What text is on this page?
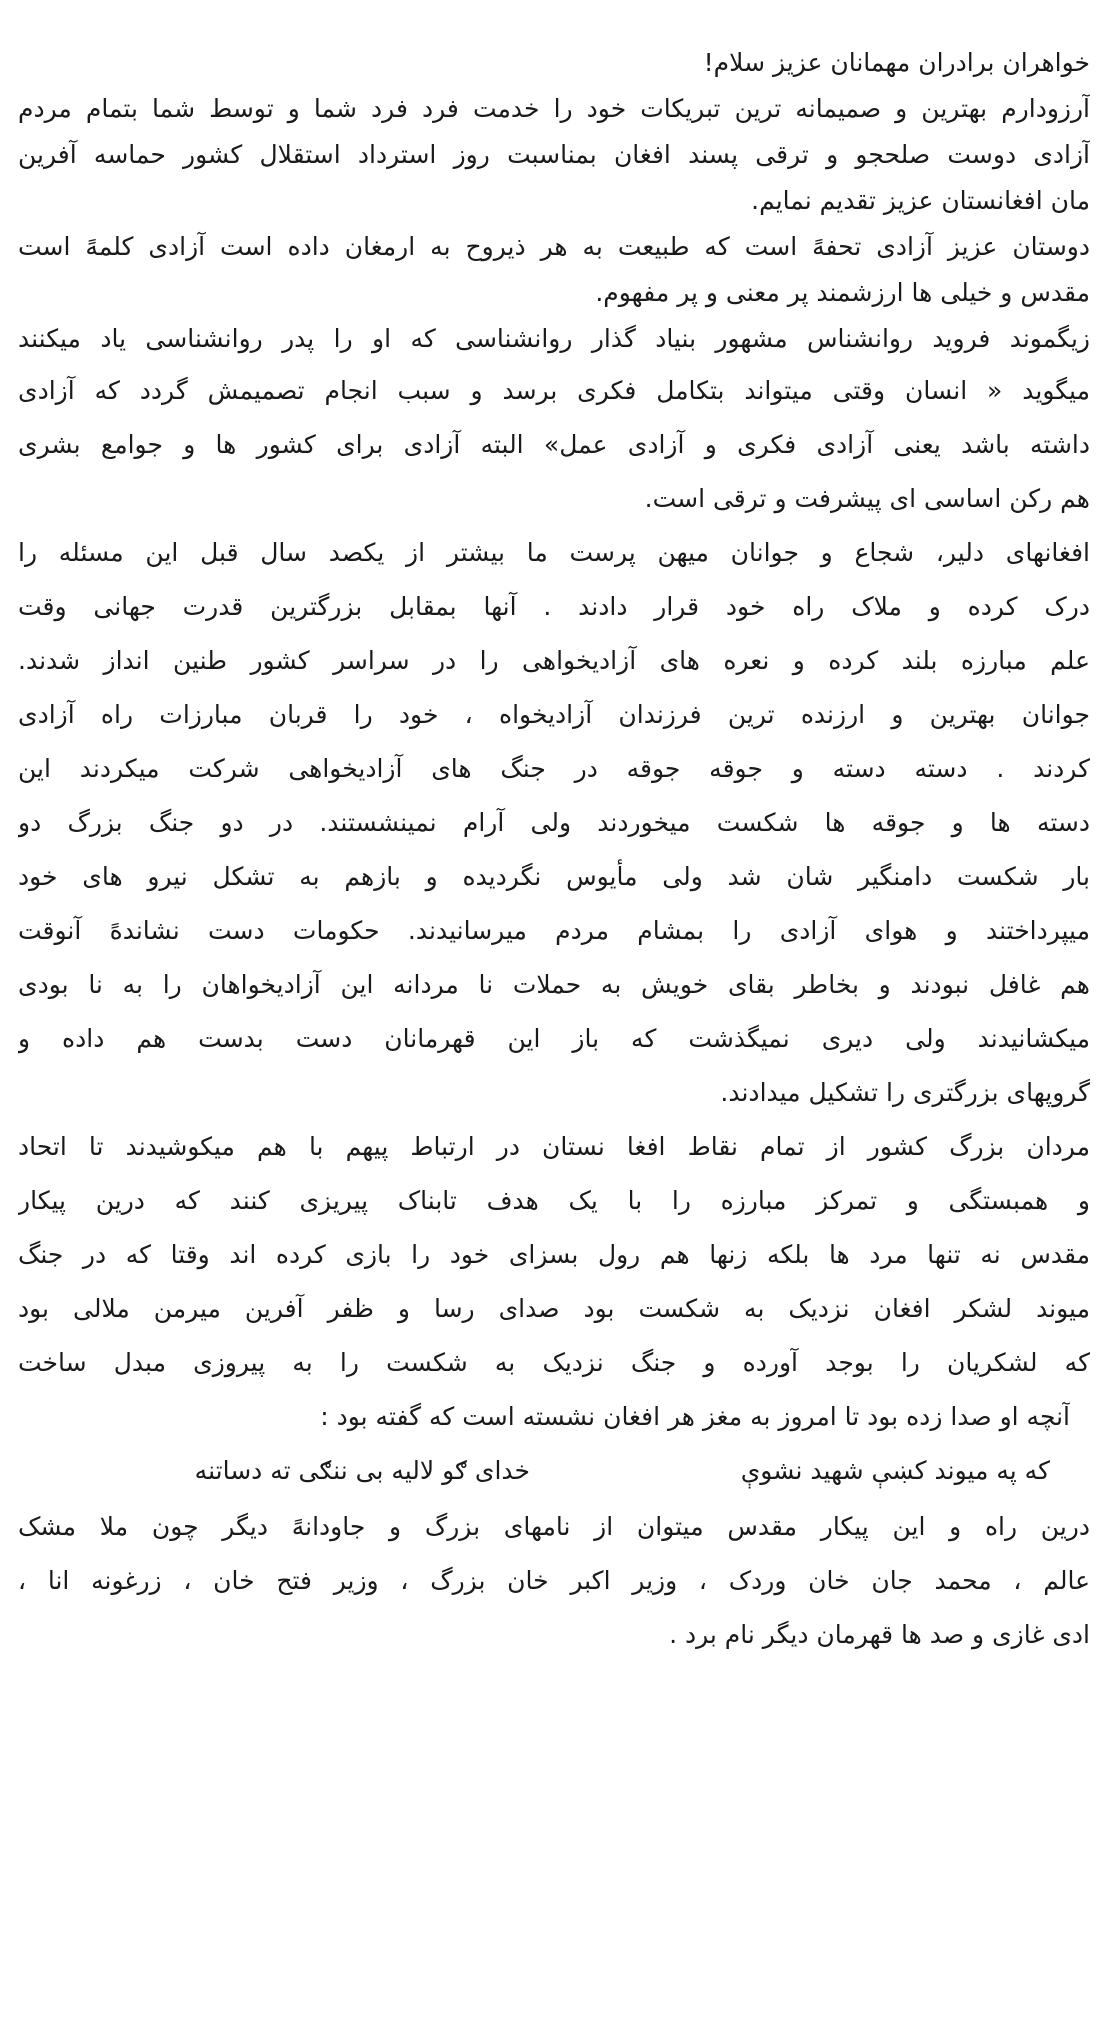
خواهران برادران مهمانان عزیز سلام!
آرزودارم بهترین و صمیمانه ترین تبریکات خود را خدمت فرد فرد شما و توسط شما بتمام مردم
آزادی دوست صلحجو و ترقی پسند افغان بمناسبت روز استرداد استقلال کشور حماسه آفرین
مان افغانستان عزیز تقدیم نمایم.
دوستان عزیز آزادی تحفهً است که طبیعت به هر ذیروح به ارمغان داده است آزادی کلمهً است
مقدس و خیلی ها ارزشمند پر معنی و پر مفهوم.
زیگموند فروید روانشناس مشهور بنیاد گذار روانشناسی که او را پدر روانشناسی یاد میکنند
میگوید « انسان وقتی میتواند بتکامل فکری برسد و سبب انجام تصمیمش گردد که آزادی
داشته باشد یعنی آزادی فکری و آزادی عمل» البته آزادی برای کشور ها و جوامع بشری
هم رکن اساسی ای پیشرفت و ترقی است.
افغانهای دلیر، شجاع و جوانان میهن پرست ما بیشتر از یکصد سال قبل این مسئله را
درک کرده و ملاک راه خود قرار دادند . آنها بمقابل بزرگترین قدرت جهانی وقت
علم مبارزه بلند کرده و نعره های آزادیخواهی را در سراسر کشور طنین انداز شدند.
جوانان بهترین و ارزنده ترین فرزندان آزادیخواه ، خود را قربان مبارزات راه آزادی
کردند . دسته دسته و جوقه جوقه در جنگ های آزادیخواهی شرکت میکردند این
دسته ها و جوقه ها شکست میخوردند ولی آرام نمینشستند. در دو جنگ بزرگ دو
بار شکست دامنگیر شان شد ولی مأیوس نگردیده و بازهم به تشکل نیرو های خود
میپرداختند و هوای آزادی را بمشام مردم میرسانیدند. حکومات دست نشاندهً آنوقت
هم غافل نبودند و بخاطر بقای خویش به حملات نا مردانه این آزادیخواهان را به نا بودی
میکشانیدند ولی دیری نمیگذشت که باز این قهرمانان دست بدست هم داده و
گروپهای بزرگتری را تشکیل میدادند.
مردان بزرگ کشور از تمام نقاط افغا نستان در ارتباط پیهم با هم میکوشیدند تا اتحاد
و همبستگی و تمرکز مبارزه را با یک هدف تابناک پیریزی کنند که درین پیکار
مقدس نه تنها مرد ها بلکه زنها هم رول بسزای خود را بازی کرده اند وقتا که در جنگ
میوند لشکر افغان نزدیک به شکست بود صدای رسا و ظفر آفرین میرمن ملالی بود
که لشکریان را بوجد آورده و جنگ نزدیک به شکست را به پیروزی مبدل ساخت
آنچه او صدا زده بود تا امروز به مغز هر افغان نشسته است که گفته بود :
که په میوند کښې شهید نشوې
خدای ګو لالیه بی ننګی ته دساتنه
درین راه و این پیکار مقدس میتوان از نامهای بزرگ و جاودانهً دیگر چون ملا مشک
عالم ، محمد جان خان وردک ، وزیر اکبر خان بزرگ ، وزیر فتح خان ، زرغونه انا ،
ادی غازی و صد ها قهرمان دیگر نام برد .
